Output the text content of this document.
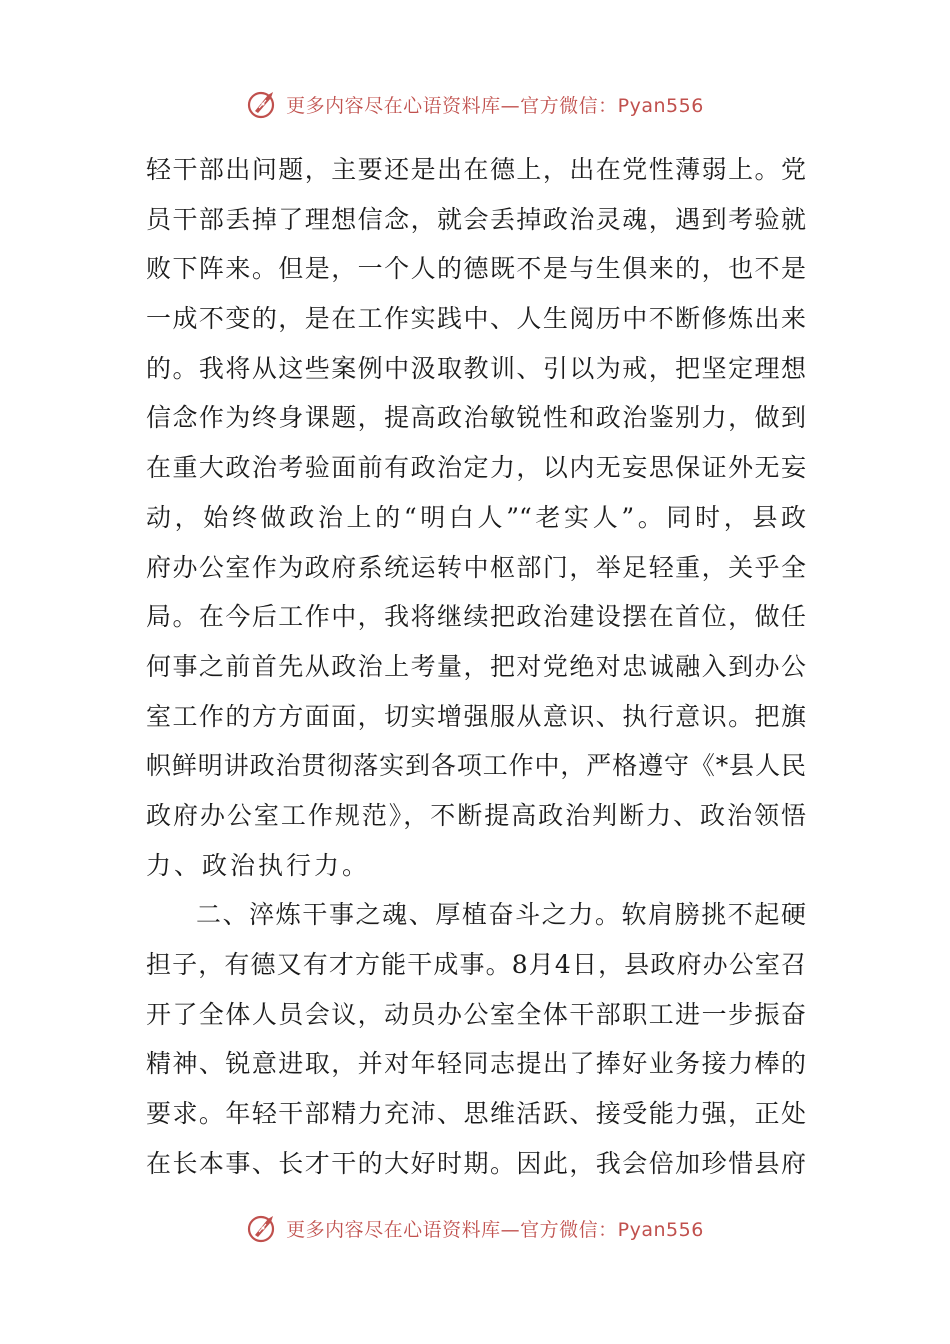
更多内容尽在心语资料库—官方微信：Pyan556
轻干部出问题，主要还是出在德上，出在党性薄弱上。党
员干部丢掉了理想信念，就会丢掉政治灵魂，遇到考验就
败下阵来。但是，一个人的德既不是与生俱来的，也不是
一成不变的，是在工作实践中、人生阅历中不断修炼出来
的。我将从这些案例中汲取教训、引以为戒，把坚定理想
信念作为终身课题，提高政治敏锐性和政治鉴别力，做到
在重大政治考验面前有政治定力，以内无妄思保证外无妄
动，始终做政治上的“明白人”“老实人”。同时，县政
府办公室作为政府系统运转中枢部门，举足轻重，关乎全
局。在今后工作中，我将继续把政治建设摆在首位，做任
何事之前首先从政治上考量，把对党绝对忠诚融入到办公
室工作的方方面面，切实增强服从意识、执行意识。把旗
帜鲜明讲政治贯彻落实到各项工作中，严格遵守《*县人民
政府办公室工作规范》，不断提高政治判断力、政治领悟
力、政治执行力。
二、淬炼干事之魂、厚植奋斗之力。软肩膀挑不起硬
担子，有德又有才方能干成事。8月4日，县政府办公室召
开了全体人员会议，动员办公室全体干部职工进一步振奋
精神、锐意进取，并对年轻同志提出了捧好业务接力棒的
要求。年轻干部精力充沛、思维活跃、接受能力强，正处
在长本事、长才干的大好时期。因此，我会倍加珍惜县府
更多内容尽在心语资料库—官方微信：Pyan556
